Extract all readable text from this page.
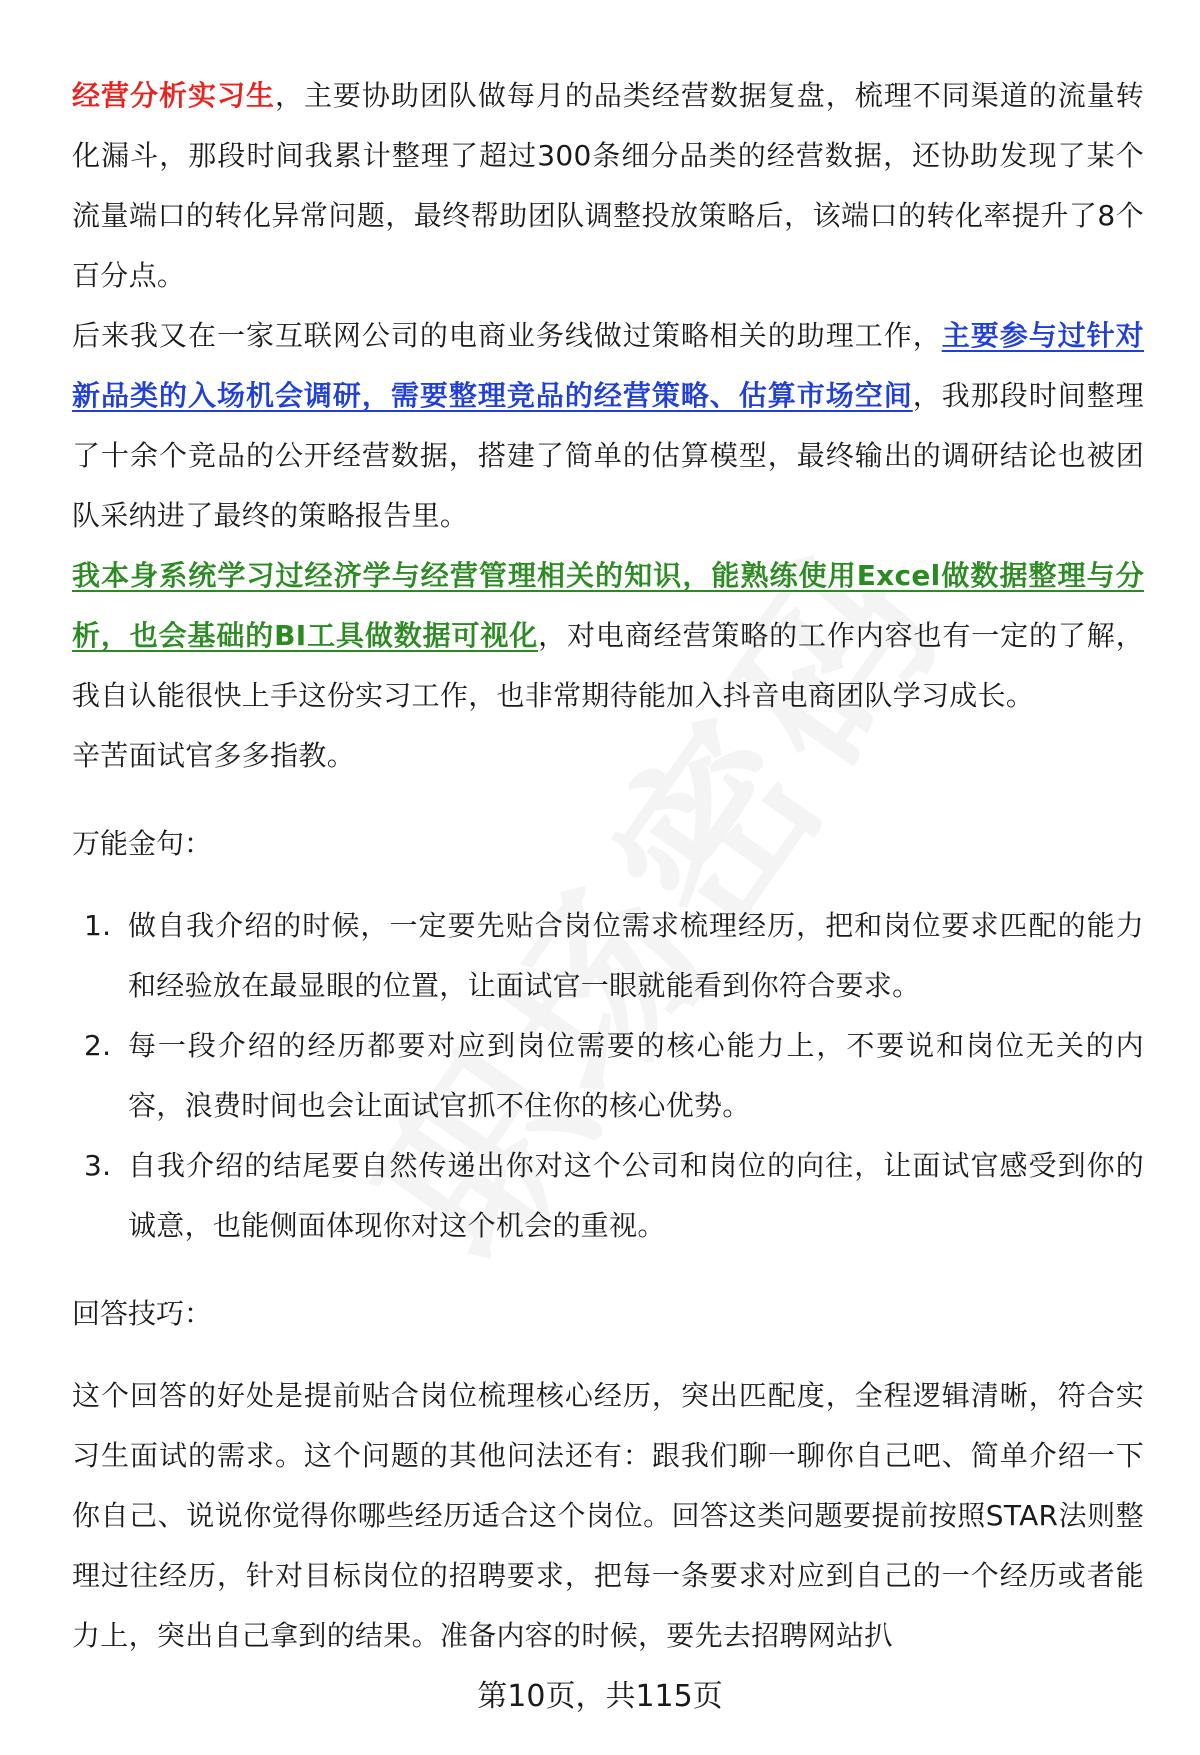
经营分析实习生，主要协助团队做每月的品类经营数据复盘，梳理不同渠道的流量转化漏斗，那段时间我累计整理了超过300条细分品类的经营数据，还协助发现了某个流量端口的转化异常问题，最终帮助团队调整投放策略后，该端口的转化率提升了8个百分点。

后来我又在一家互联网公司的电商业务线做过策略相关的助理工作，主要参与过针对新品类的入场机会调研，需要整理竞品的经营策略、估算市场空间，我那段时间整理了十余个竞品的公开经营数据，搭建了简单的估算模型，最终输出的调研结论也被团队采纳进了最终的策略报告里。

我本身系统学习过经济学与经营管理相关的知识，能熟练使用Excel做数据整理与分析，也会基础的BI工具做数据可视化，对电商经营策略的工作内容也有一定的了解，我自认能很快上手这份实习工作，也非常期待能加入抖音电商团队学习成长。

辛苦面试官多多指教。

万能金句：

1. 做自我介绍的时候，一定要先贴合岗位需求梳理经历，把和岗位要求匹配的能力和经验放在最显眼的位置，让面试官一眼就能看到你符合要求。
2. 每一段介绍的经历都要对应到岗位需要的核心能力上，不要说和岗位无关的内容，浪费时间也会让面试官抓不住你的核心优势。
3. 自我介绍的结尾要自然传递出你对这个公司和岗位的向往，让面试官感受到你的诚意，也能侧面体现你对这个机会的重视。

回答技巧：

这个回答的好处是提前贴合岗位梳理核心经历，突出匹配度，全程逻辑清晰，符合实习生面试的需求。这个问题的其他问法还有：跟我们聊一聊你自己吧、简单介绍一下你自己、说说你觉得你哪些经历适合这个岗位。回答这类问题要提前按照STAR法则整理过往经历，针对目标岗位的招聘要求，把每一条要求对应到自己的一个经历或者能力上，突出自己拿到的结果。准备内容的时候，要先去招聘网站扒

第10页，共115页
